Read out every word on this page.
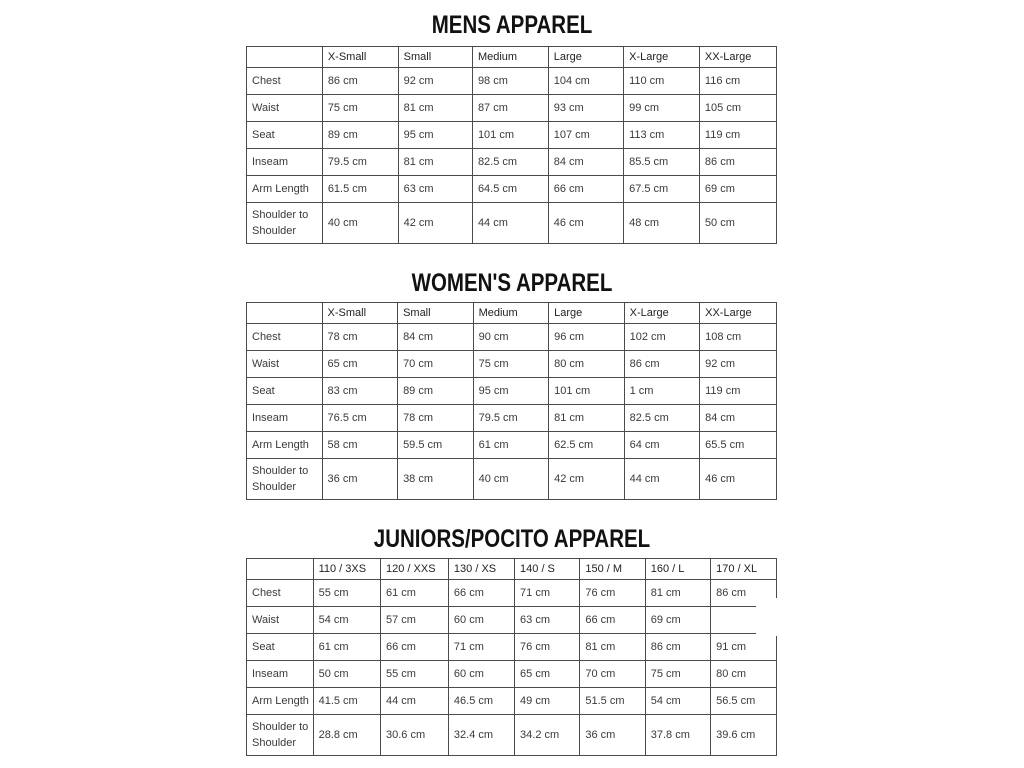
MENS APPAREL
	X-Small	Small	Medium	Large	X-Large	XX-Large
Chest	86 cm	92 cm	98 cm	104 cm	110 cm	116 cm
Waist	75 cm	81 cm	87 cm	93 cm	99 cm	105 cm
Seat	89 cm	95 cm	101 cm	107 cm	113 cm	119 cm
Inseam	79.5 cm	81 cm	82.5 cm	84 cm	85.5 cm	86 cm
Arm Length	61.5 cm	63 cm	64.5 cm	66 cm	67.5 cm	69 cm
Shoulder to Shoulder	40 cm	42 cm	44 cm	46 cm	48 cm	50 cm
WOMEN'S APPAREL
	X-Small	Small	Medium	Large	X-Large	XX-Large
Chest	78 cm	84 cm	90 cm	96 cm	102 cm	108 cm
Waist	65 cm	70 cm	75 cm	80 cm	86 cm	92 cm
Seat	83 cm	89 cm	95 cm	101 cm	1 cm	119 cm
Inseam	76.5 cm	78 cm	79.5 cm	81 cm	82.5 cm	84 cm
Arm Length	58 cm	59.5 cm	61 cm	62.5 cm	64 cm	65.5 cm
Shoulder to Shoulder	36 cm	38 cm	40 cm	42 cm	44 cm	46 cm
JUNIORS/POCITO APPAREL
	110 / 3XS	120 / XXS	130 / XS	140 / S	150 / M	160 / L	170 / XL
Chest	55 cm	61 cm	66 cm	71 cm	76 cm	81 cm	86 cm
Waist	54 cm	57 cm	60 cm	63 cm	66 cm	69 cm	
Seat	61 cm	66 cm	71 cm	76 cm	81 cm	86 cm	91 cm
Inseam	50 cm	55 cm	60 cm	65 cm	70 cm	75 cm	80 cm
Arm Length	41.5 cm	44 cm	46.5 cm	49 cm	51.5 cm	54 cm	56.5 cm
Shoulder to Shoulder	28.8 cm	30.6 cm	32.4 cm	34.2 cm	36 cm	37.8 cm	39.6 cm
